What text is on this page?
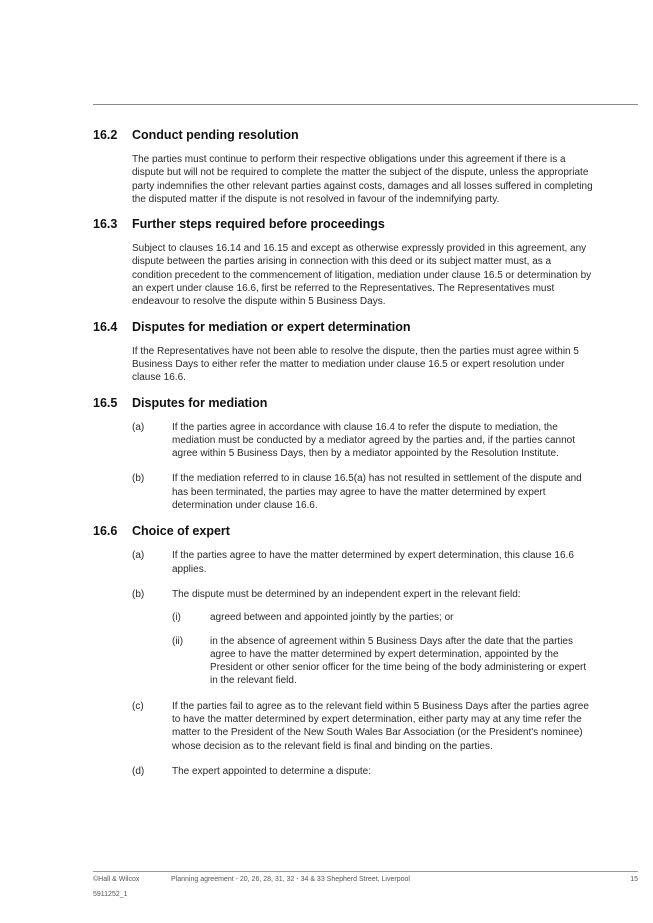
16.2	Conduct pending resolution
The parties must continue to perform their respective obligations under this agreement if there is a dispute but will not be required to complete the matter the subject of the dispute, unless the appropriate party indemnifies the other relevant parties against costs, damages and all losses suffered in completing the disputed matter if the dispute is not resolved in favour of the indemnifying party.
16.3	Further steps required before proceedings
Subject to clauses 16.14 and 16.15 and except as otherwise expressly provided in this agreement, any dispute between the parties arising in connection with this deed or its subject matter must, as a condition precedent to the commencement of litigation, mediation under clause 16.5 or determination by an expert under clause 16.6, first be referred to the Representatives. The Representatives must endeavour to resolve the dispute within 5 Business Days.
16.4	Disputes for mediation or expert determination
If the Representatives have not been able to resolve the dispute, then the parties must agree within 5 Business Days to either refer the matter to mediation under clause 16.5 or expert resolution under clause 16.6.
16.5	Disputes for mediation
(a)	If the parties agree in accordance with clause 16.4 to refer the dispute to mediation, the mediation must be conducted by a mediator agreed by the parties and, if the parties cannot agree within 5 Business Days, then by a mediator appointed by the Resolution Institute.
(b)	If the mediation referred to in clause 16.5(a) has not resulted in settlement of the dispute and has been terminated, the parties may agree to have the matter determined by expert determination under clause 16.6.
16.6	Choice of expert
(a)	If the parties agree to have the matter determined by expert determination, this clause 16.6 applies.
(b)	The dispute must be determined by an independent expert in the relevant field:
(i)	agreed between and appointed jointly by the parties; or
(ii)	in the absence of agreement within 5 Business Days after the date that the parties agree to have the matter determined by expert determination, appointed by the President or other senior officer for the time being of the body administering or expert in the relevant field.
(c)	If the parties fail to agree as to the relevant field within 5 Business Days after the parties agree to have the matter determined by expert determination, either party may at any time refer the matter to the President of the New South Wales Bar Association (or the President's nominee) whose decision as to the relevant field is final and binding on the parties.
(d)	The expert appointed to determine a dispute:
©Hall & Wilcox	Planning agreement - 20, 26, 28, 31, 32 - 34 & 33 Shepherd Street, Liverpool	15
5911252_1
